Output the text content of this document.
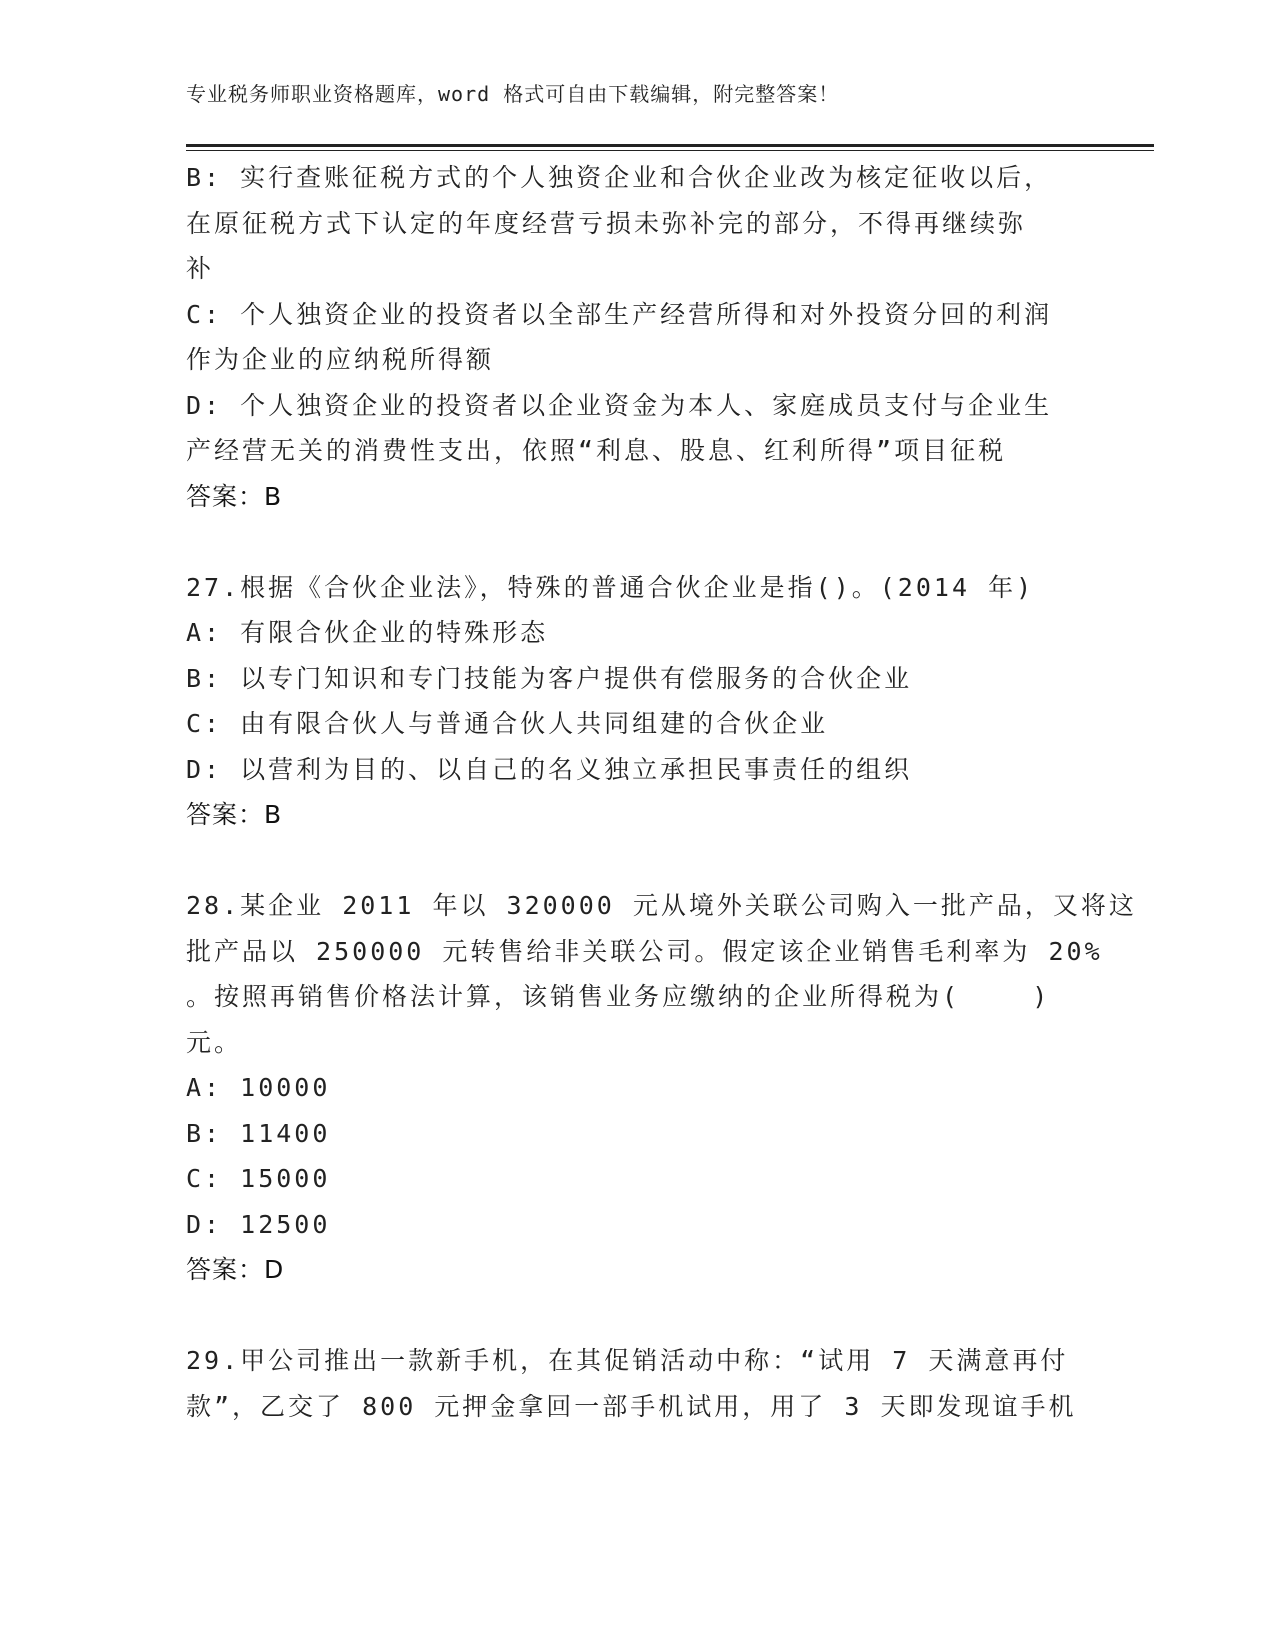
专业税务师职业资格题库，word 格式可自由下载编辑，附完整答案！
B: 实行查账征税方式的个人独资企业和合伙企业改为核定征收以后，
在原征税方式下认定的年度经营亏损未弥补完的部分，不得再继续弥
补
C: 个人独资企业的投资者以全部生产经营所得和对外投资分回的利润
作为企业的应纳税所得额
D: 个人独资企业的投资者以企业资金为本人、家庭成员支付与企业生
产经营无关的消费性支出，依照“利息、股息、红利所得”项目征税
答案：B
27.根据《合伙企业法》，特殊的普通合伙企业是指()。(2014 年)
A: 有限合伙企业的特殊形态
B: 以专门知识和专门技能为客户提供有偿服务的合伙企业
C: 由有限合伙人与普通合伙人共同组建的合伙企业
D: 以营利为目的、以自己的名义独立承担民事责任的组织
答案：B
28.某企业 2011 年以 320000 元从境外关联公司购入一批产品，又将这
批产品以 250000 元转售给非关联公司。假定该企业销售毛利率为 20%
。按照再销售价格法计算，该销售业务应缴纳的企业所得税为(    )
元。
A: 10000
B: 11400
C: 15000
D: 12500
答案：D
29.甲公司推出一款新手机，在其促销活动中称：“试用 7 天满意再付
款”，乙交了 800 元押金拿回一部手机试用，用了 3 天即发现谊手机
